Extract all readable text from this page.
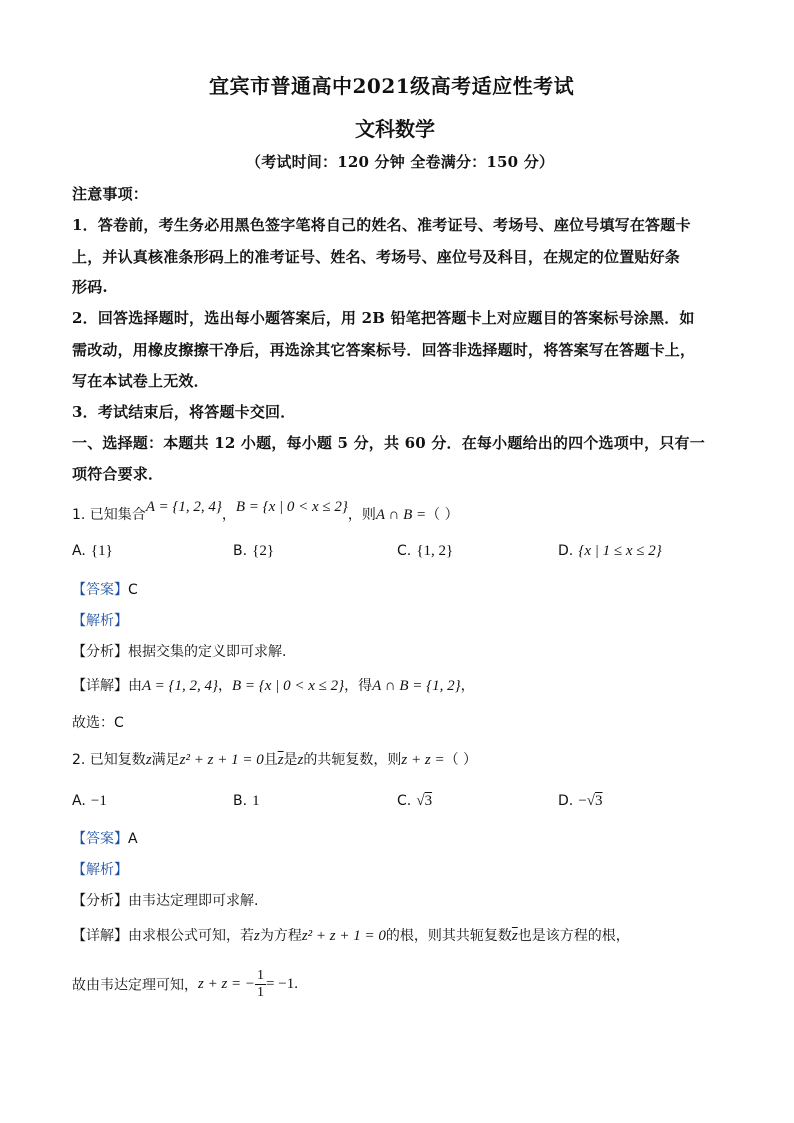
宜宾市普通高中2021级高考适应性考试
文科数学
（考试时间：120 分钟 全卷满分：150 分）
注意事项：
1．答卷前，考生务必用黑色签字笔将自己的姓名、准考证号、考场号、座位号填写在答题卡
上，并认真核准条形码上的准考证号、姓名、考场号、座位号及科目，在规定的位置贴好条
形码.
2．回答选择题时，选出每小题答案后，用 2B 铅笔把答题卡上对应题目的答案标号涂黑．如
需改动，用橡皮擦擦干净后，再选涂其它答案标号．回答非选择题时，将答案写在答题卡上，
写在本试卷上无效．
3．考试结束后，将答题卡交回．
一、选择题：本题共 12 小题，每小题 5 分，共 60 分．在每小题给出的四个选项中，只有一
项符合要求．
1. 已知集合A = {1, 2, 4}，B = {x | 0 < x ≤ 2}，则A ∩ B =（ ）
A. {1}	B. {2}	C. {1, 2}	D. {x | 1 ≤ x ≤ 2}
【答案】C
【解析】
【分析】根据交集的定义即可求解.
【详解】由A = {1, 2, 4}，B = {x | 0 < x ≤ 2}，得A ∩ B = {1, 2}，
故选：C
2. 已知复数z满足z² + z + 1 = 0且$\overline{z}$是z的共轭复数，则z + z =（ ）
A. −1	B. 1	C. √3	D. −√3
【答案】A
【解析】
【分析】由韦达定理即可求解.
【详解】由求根公式可知，若z为方程z² + z + 1 = 0的根，则其共轭复数$\overline{z}$也是该方程的根，
故由韦达定理可知，z + z = − $\frac{1}{1} = -1$.
